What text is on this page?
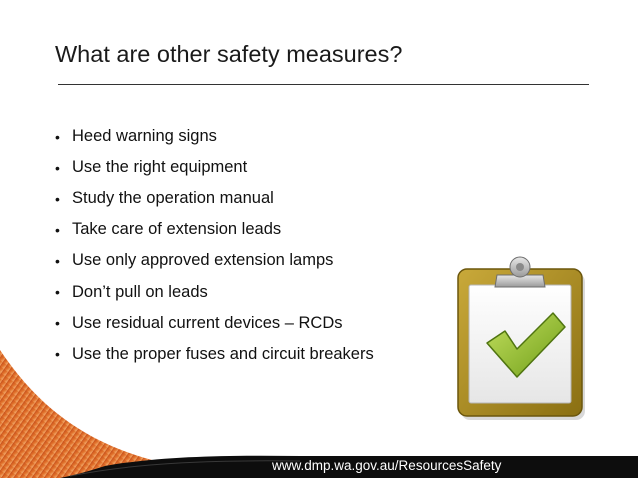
What are other safety measures?
• Heed warning signs
• Use the right equipment
• Study the operation manual
• Take care of extension leads
• Use only approved extension lamps
• Don’t pull on leads
• Use residual current devices – RCDs
• Use the proper fuses and circuit breakers
www.dmp.wa.gov.au/ResourcesSafety
